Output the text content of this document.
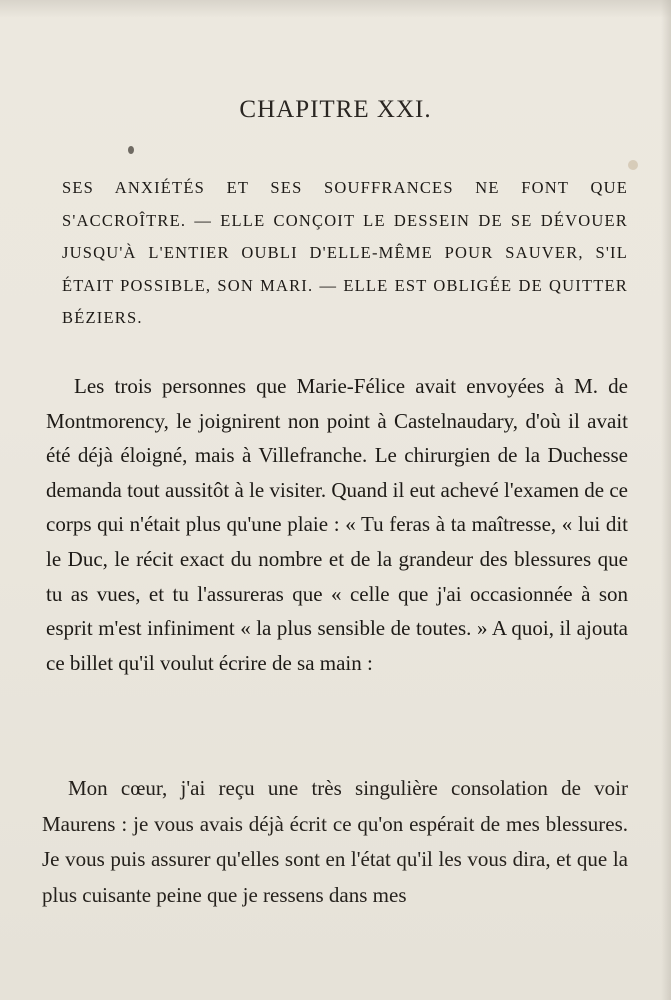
CHAPITRE XXI.

SES ANXIÉTÉS ET SES SOUFFRANCES NE FONT QUE S'ACCROÎTRE. — ELLE CONÇOIT LE DESSEIN DE SE DÉVOUER JUSQU'À L'ENTIER OUBLI D'ELLE-MÊME POUR SAUVER, S'IL ÉTAIT POSSIBLE, SON MARI. — ELLE EST OBLIGÉE DE QUITTER BÉZIERS.

Les trois personnes que Marie-Félice avait envoyées à M. de Montmorency, le joignirent non point à Castelnaudary, d'où il avait été déjà éloigné, mais à Villefranche. Le chirurgien de la Duchesse demanda tout aussitôt à le visiter. Quand il eut achevé l'examen de ce corps qui n'était plus qu'une plaie : « Tu feras à ta maîtresse, « lui dit le Duc, le récit exact du nombre et de la grandeur des blessures que tu as vues, et tu l'assureras que « celle que j'ai occasionnée à son esprit m'est infiniment « la plus sensible de toutes. » A quoi, il ajouta ce billet qu'il voulut écrire de sa main :

Mon cœur, j'ai reçu une très singulière consolation de voir Maurens : je vous avais déjà écrit ce qu'on espérait de mes blessures. Je vous puis assurer qu'elles sont en l'état qu'il les vous dira, et que la plus cuisante peine que je ressens dans mes
